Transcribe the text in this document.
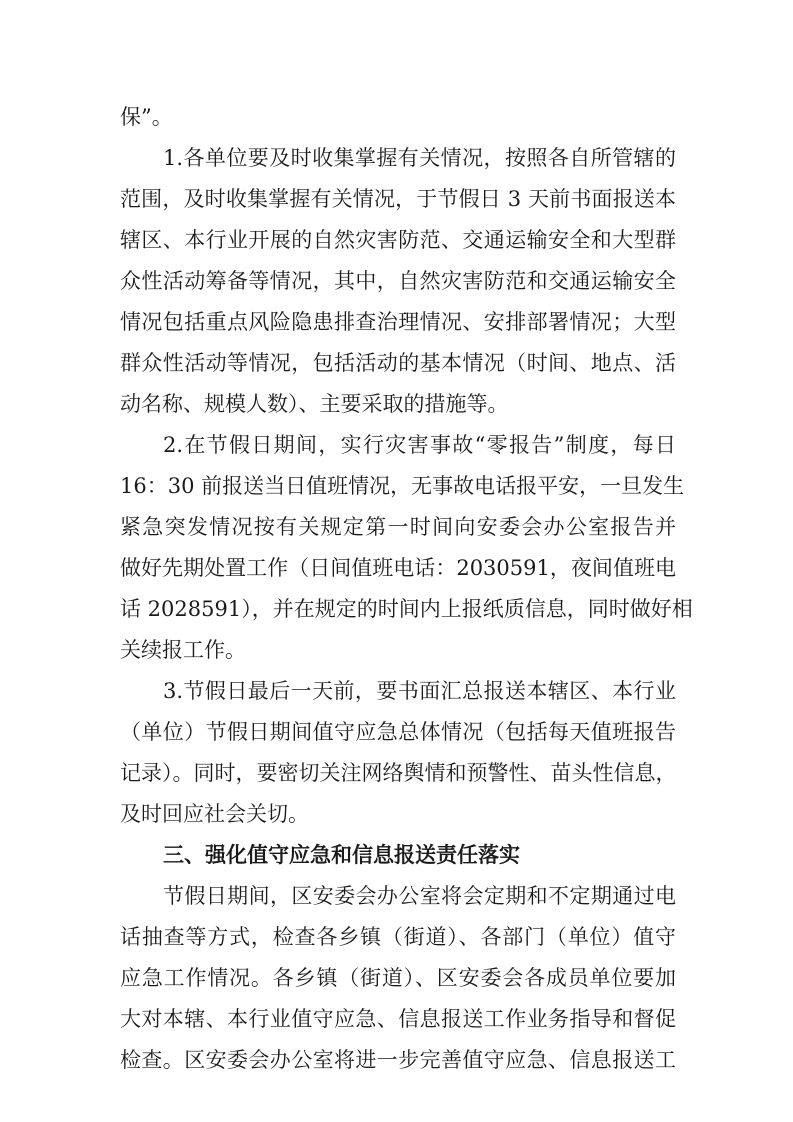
保”。
1.各单位要及时收集掌握有关情况，按照各自所管辖的
范围，及时收集掌握有关情况，于节假日 3 天前书面报送本
辖区、本行业开展的自然灾害防范、交通运输安全和大型群
众性活动筹备等情况，其中，自然灾害防范和交通运输安全
情况包括重点风险隐患排查治理情况、安排部署情况；大型
群众性活动等情况，包括活动的基本情况（时间、地点、活
动名称、规模人数）、主要采取的措施等。
2.在节假日期间，实行灾害事故“零报告”制度，每日
16：30 前报送当日值班情况，无事故电话报平安，一旦发生
紧急突发情况按有关规定第一时间向安委会办公室报告并
做好先期处置工作（日间值班电话：2030591，夜间值班电
话 2028591），并在规定的时间内上报纸质信息，同时做好相
关续报工作。
3.节假日最后一天前，要书面汇总报送本辖区、本行业
（单位）节假日期间值守应急总体情况（包括每天值班报告
记录）。同时，要密切关注网络舆情和预警性、苗头性信息，
及时回应社会关切。
三、强化值守应急和信息报送责任落实
节假日期间，区安委会办公室将会定期和不定期通过电
话抽查等方式，检查各乡镇（街道）、各部门（单位）值守
应急工作情况。各乡镇（街道）、区安委会各成员单位要加
大对本辖、本行业值守应急、信息报送工作业务指导和督促
检查。区安委会办公室将进一步完善值守应急、信息报送工
